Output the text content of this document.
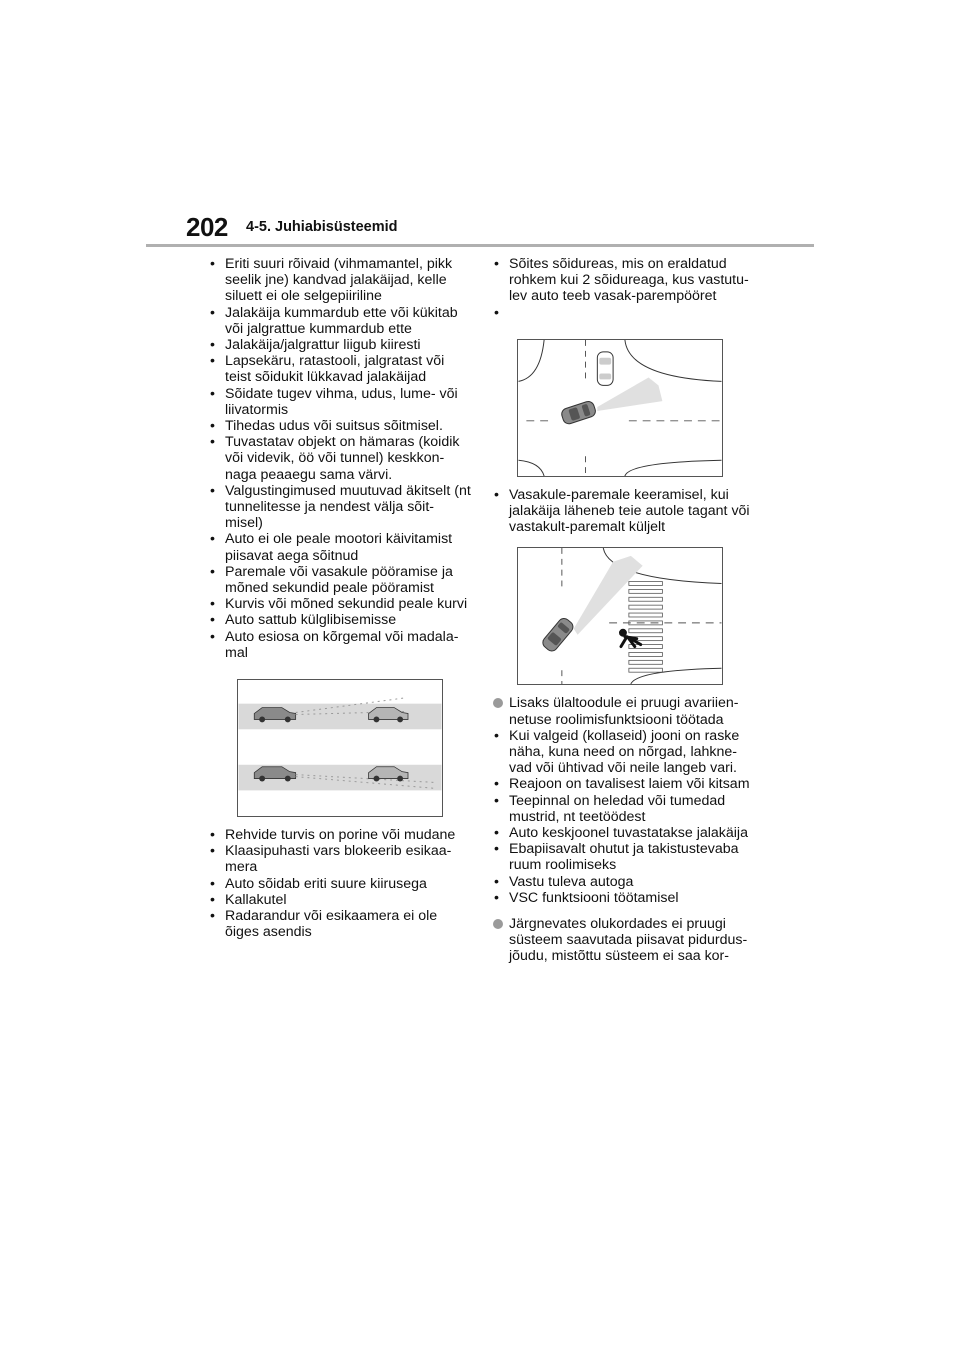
202 4-5. Juhiabisüsteemid
• Eriti suuri rõivaid (vihmamantel, pikk seelik jne) kandvad jalakäijad, kelle siluett ei ole selgepiiriline
• Jalakäija kummardub ette või kükitab või jalgrattue kummardub ette
• Jalakäija/jalgrattur liigub kiiresti
• Lapsekäru, ratastooli, jalgratast või teist sõidukit lükkavad jalakäijad
• Sõidate tugev vihma, udus, lume- või liivatormis
• Tihedas udus või suitsus sõitmisel.
• Tuvastatav objekt on hämaras (koidik või videvik, öö või tunnel) keskkon-naga peaaegu sama värvi.
• Valgustingimused muutuvad äkitselt (nt tunnelitesse ja nendest välja sõit-misel)
• Auto ei ole peale mootori käivitamist piisavat aega sõitnud
• Paremale või vasakule pööramise ja mõned sekundid peale pööramist
• Kurvis või mõned sekundid peale kurvi
• Auto sattub külglibisemisse
• Auto esiosa on kõrgemal või madala-mal
• Rehvide turvis on porine või mudane
• Klaasipuhasti vars blokeerib esikaa-mera
• Auto sõidab eriti suure kiirusega
• Kallakutel
• Radarandur või esikaamera ei ole õiges asendis
• Sõites sõidureas, mis on eraldatud rohkem kui 2 sõidureaga, kus vastutu-lev auto teeb vasak-parempööret
•
• Vasakule-paremale keeramisel, kui jalakäija läheneb teie autole tagant või vastakult-paremalt küljelt

Lisaks ülaltoodule ei pruugi avariien-netuse roolimisfunktsiooni töötada

• Kui valgeid (kollaseid) jooni on raske näha, kuna need on nõrgad, lahkne-vad või ühtivad või neile langeb vari.
• Reajoon on tavalisest laiem või kitsam
• Teepinnal on heledad või tumedad mustrid, nt teetöödest
• Auto keskjoonel tuvastatakse jalakäija
• Ebapiisavalt ohutut ja takistustevaba ruum roolimiseks
• Vastu tuleva autoga
• VSC funktsiooni töötamisel

Järgnevates olukordades ei pruugi süsteem saavutada piisavat pidurdus-jõudu, mistõttu süsteem ei saa kor-
